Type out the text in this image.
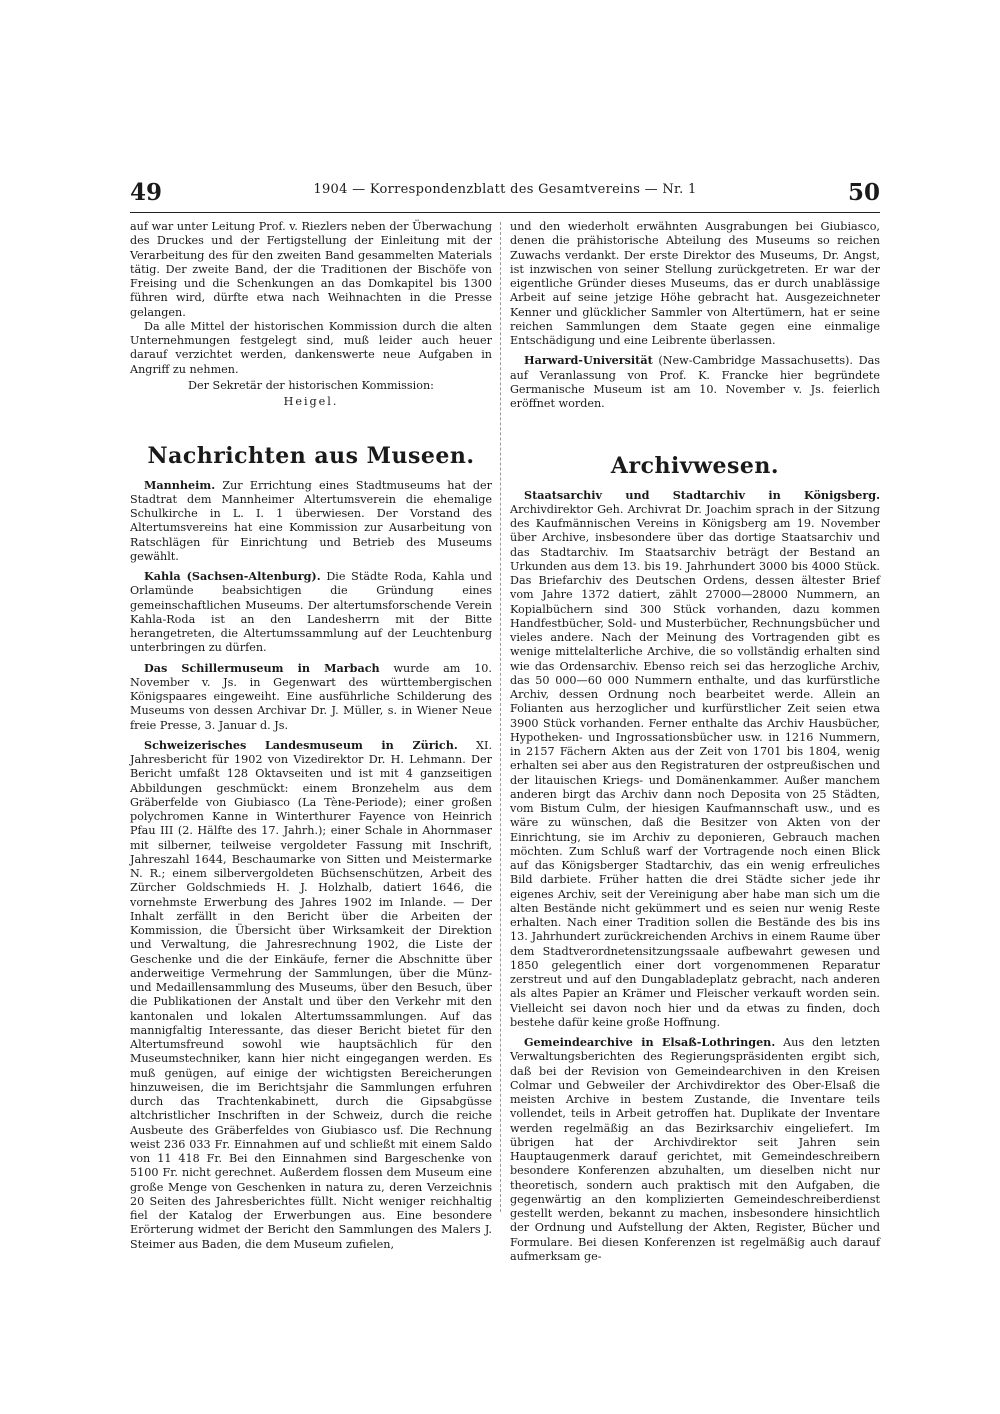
49	1904 — Korrespondenzblatt des Gesamtvereins — Nr. 1	50

auf war unter Leitung Prof. v. Riezlers neben der Überwachung des Druckes und der Fertigstellung der Einleitung mit der Verarbeitung des für den zweiten Band gesammelten Materials tätig. Der zweite Band, der die Traditionen der Bischöfe von Freising und die Schenkungen an das Domkapitel bis 1300 führen wird, dürfte etwa nach Weihnachten in die Presse gelangen.

Da alle Mittel der historischen Kommission durch die alten Unternehmungen festgelegt sind, muß leider auch heuer darauf verzichtet werden, dankenswerte neue Aufgaben in Angriff zu nehmen.

Der Sekretär der historischen Kommission:

Heigel.

Nachrichten aus Museen.

Mannheim. Zur Errichtung eines Stadtmuseums hat der Stadtrat dem Mannheimer Altertumsverein die ehemalige Schulkirche in L. I. 1 überwiesen. Der Vorstand des Altertumsvereins hat eine Kommission zur Ausarbeitung von Ratschlägen für Einrichtung und Betrieb des Museums gewählt.

Kahla (Sachsen-Altenburg). Die Städte Roda, Kahla und Orlamünde beabsichtigen die Gründung eines gemeinschaftlichen Museums. Der altertumsforschende Verein Kahla-Roda ist an den Landesherrn mit der Bitte herangetreten, die Altertumssammlung auf der Leuchtenburg unterbringen zu dürfen.

Das Schillermuseum in Marbach wurde am 10. November v. Js. in Gegenwart des württembergischen Königspaares eingeweiht. Eine ausführliche Schilderung des Museums von dessen Archivar Dr. J. Müller, s. in Wiener Neue freie Presse, 3. Januar d. Js.

Schweizerisches Landesmuseum in Zürich. XI. Jahresbericht für 1902 von Vizedirektor Dr. H. Lehmann. Der Bericht umfaßt 128 Oktavseiten und ist mit 4 ganzseitigen Abbildungen geschmückt: einem Bronzehelm aus dem Gräberfelde von Giubiasco (La Tène-Periode); einer großen polychromen Kanne in Winterthurer Fayence von Heinrich Pfau III (2. Hälfte des 17. Jahrh.); einer Schale in Ahornmaser mit silberner, teilweise vergoldeter Fassung mit Inschrift, Jahreszahl 1644, Beschaumarke von Sitten und Meistermarke N. R.; einem silbervergoldeten Büchsenschützen, Arbeit des Zürcher Goldschmieds H. J. Holzhalb, datiert 1646, die vornehmste Erwerbung des Jahres 1902 im Inlande. — Der Inhalt zerfällt in den Bericht über die Arbeiten der Kommission, die Übersicht über Wirksamkeit der Direktion und Verwaltung, die Jahresrechnung 1902, die Liste der Geschenke und die der Einkäufe, ferner die Abschnitte über anderweitige Vermehrung der Sammlungen, über die Münz- und Medaillensammlung des Museums, über den Besuch, über die Publikationen der Anstalt und über den Verkehr mit den kantonalen und lokalen Altertumssammlungen. Auf das mannigfaltig Interessante, das dieser Bericht bietet für den Altertumsfreund sowohl wie hauptsächlich für den Museumstechniker, kann hier nicht eingegangen werden. Es muß genügen, auf einige der wichtigsten Bereicherungen hinzuweisen, die im Berichtsjahr die Sammlungen erfuhren durch das Trachtenkabinett, durch die Gipsabgüsse altchristlicher Inschriften in der Schweiz, durch die reiche Ausbeute des Gräberfeldes von Giubiasco usf. Die Rechnung weist 236 033 Fr. Einnahmen auf und schließt mit einem Saldo von 11 418 Fr. Bei den Einnahmen sind Bargeschenke von 5100 Fr. nicht gerechnet. Außerdem flossen dem Museum eine große Menge von Geschenken in natura zu, deren Verzeichnis 20 Seiten des Jahresberichtes füllt. Nicht weniger reichhaltig fiel der Katalog der Erwerbungen aus. Eine besondere Erörterung widmet der Bericht den Sammlungen des Malers J. Steimer aus Baden, die dem Museum zufielen,

und den wiederholt erwähnten Ausgrabungen bei Giubiasco, denen die prähistorische Abteilung des Museums so reichen Zuwachs verdankt. Der erste Direktor des Museums, Dr. Angst, ist inzwischen von seiner Stellung zurückgetreten. Er war der eigentliche Gründer dieses Museums, das er durch unablässige Arbeit auf seine jetzige Höhe gebracht hat. Ausgezeichneter Kenner und glücklicher Sammler von Altertümern, hat er seine reichen Sammlungen dem Staate gegen eine einmalige Entschädigung und eine Leibrente überlassen.

Harward-Universität (New-Cambridge Massachusetts). Das auf Veranlassung von Prof. K. Francke hier begründete Germanische Museum ist am 10. November v. Js. feierlich eröffnet worden.

Archivwesen.

Staatsarchiv und Stadtarchiv in Königsberg. Archivdirektor Geh. Archivrat Dr. Joachim sprach in der Sitzung des Kaufmännischen Vereins in Königsberg am 19. November über Archive, insbesondere über das dortige Staatsarchiv und das Stadtarchiv. Im Staatsarchiv beträgt der Bestand an Urkunden aus dem 13. bis 19. Jahrhundert 3000 bis 4000 Stück. Das Briefarchiv des Deutschen Ordens, dessen ältester Brief vom Jahre 1372 datiert, zählt 27000—28000 Nummern, an Kopialbüchern sind 300 Stück vorhanden, dazu kommen Handfestbücher, Sold- und Musterbücher, Rechnungsbücher und vieles andere. Nach der Meinung des Vortragenden gibt es wenige mittelalterliche Archive, die so vollständig erhalten sind wie das Ordensarchiv. Ebenso reich sei das herzogliche Archiv, das 50 000—60 000 Nummern enthalte, und das kurfürstliche Archiv, dessen Ordnung noch bearbeitet werde. Allein an Folianten aus herzoglicher und kurfürstlicher Zeit seien etwa 3900 Stück vorhanden. Ferner enthalte das Archiv Hausbücher, Hypotheken- und Ingrossationsbücher usw. in 1216 Nummern, in 2157 Fächern Akten aus der Zeit von 1701 bis 1804, wenig erhalten sei aber aus den Registraturen der ostpreußischen und der litauischen Kriegs- und Domänenkammer. Außer manchem anderen birgt das Archiv dann noch Deposita von 25 Städten, vom Bistum Culm, der hiesigen Kaufmannschaft usw., und es wäre zu wünschen, daß die Besitzer von Akten von der Einrichtung, sie im Archiv zu deponieren, Gebrauch machen möchten. Zum Schluß warf der Vortragende noch einen Blick auf das Königsberger Stadtarchiv, das ein wenig erfreuliches Bild darbiete. Früher hatten die drei Städte sicher jede ihr eigenes Archiv, seit der Vereinigung aber habe man sich um die alten Bestände nicht gekümmert und es seien nur wenig Reste erhalten. Nach einer Tradition sollen die Bestände des bis ins 13. Jahrhundert zurückreichenden Archivs in einem Raume über dem Stadtverordnetensitzungssaale aufbewahrt gewesen und 1850 gelegentlich einer dort vorgenommenen Reparatur zerstreut und auf den Dungabladeplatz gebracht, nach anderen als altes Papier an Krämer und Fleischer verkauft worden sein. Vielleicht sei davon noch hier und da etwas zu finden, doch bestehe dafür keine große Hoffnung.

Gemeindearchive in Elsaß-Lothringen. Aus den letzten Verwaltungsberichten des Regierungspräsidenten ergibt sich, daß bei der Revision von Gemeindearchiven in den Kreisen Colmar und Gebweiler der Archivdirektor des Ober-Elsaß die meisten Archive in bestem Zustande, die Inventare teils vollendet, teils in Arbeit getroffen hat. Duplikate der Inventare werden regelmäßig an das Bezirksarchiv eingeliefert. Im übrigen hat der Archivdirektor seit Jahren sein Hauptaugenmerk darauf gerichtet, mit Gemeindeschreibern besondere Konferenzen abzuhalten, um dieselben nicht nur theoretisch, sondern auch praktisch mit den Aufgaben, die gegenwärtig an den komplizierten Gemeindeschreiberdienst gestellt werden, bekannt zu machen, insbesondere hinsichtlich der Ordnung und Aufstellung der Akten, Register, Bücher und Formulare. Bei diesen Konferenzen ist regelmäßig auch darauf aufmerksam ge-
